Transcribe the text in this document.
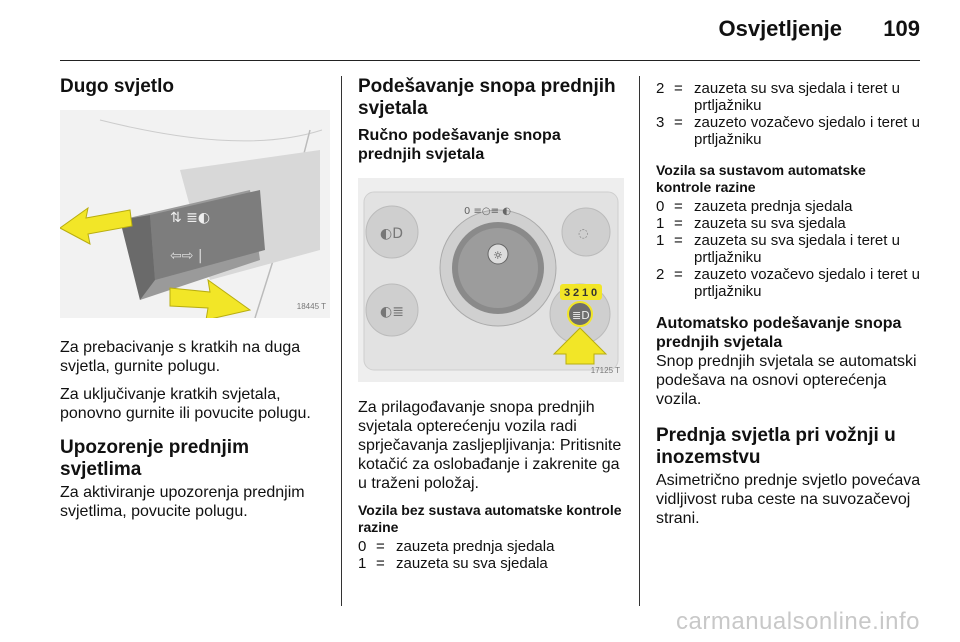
Osvjetljenje 109
Dugo svjetlo
⇅ ≣◐
⇦⇨ |
18445 T

Za prebacivanje s kratkih na duga svjetla, gurnite polugu.

Za uključivanje kratkih svjetala, ponovno gurnite ili povucite polugu.

Upozorenje prednjim svjetlima

Za aktiviranje upozorenja prednjim svjetlima, povucite polugu.

Podešavanje snopa prednjih svjetala
Ručno podešavanje snopa prednjih svjetala
◐D
◐≣
☼
0 ≡○≡ ◐
◌
3 2 1 0
≣D
17125 T

Za prilagođavanje snopa prednjih svjetala opterećenju vozila radi sprječavanja zasljepljivanja: Pritisnite kotačić za oslobađanje i zakrenite ga u traženi položaj.

Vozila bez sustava automatske kontrole razine
0 = zauzeta prednja sjedala
1 = zauzeta su sva sjedala
2 = zauzeta su sva sjedala i teret u prtljažniku
3 = zauzeto vozačevo sjedalo i teret u prtljažniku
Vozila sa sustavom automatske kontrole razine
0 = zauzeta prednja sjedala
1 = zauzeta su sva sjedala
1 = zauzeta su sva sjedala i teret u prtljažniku
2 = zauzeto vozačevo sjedalo i teret u prtljažniku
Automatsko podešavanje snopa prednjih svjetala

Snop prednjih svjetala se automatski podešava na osnovi opterećenja vozila.

Prednja svjetla pri vožnji u inozemstvu

Asimetrično prednje svjetlo povećava vidljivost ruba ceste na suvozačevoj strani.

carmanualsonline.info
